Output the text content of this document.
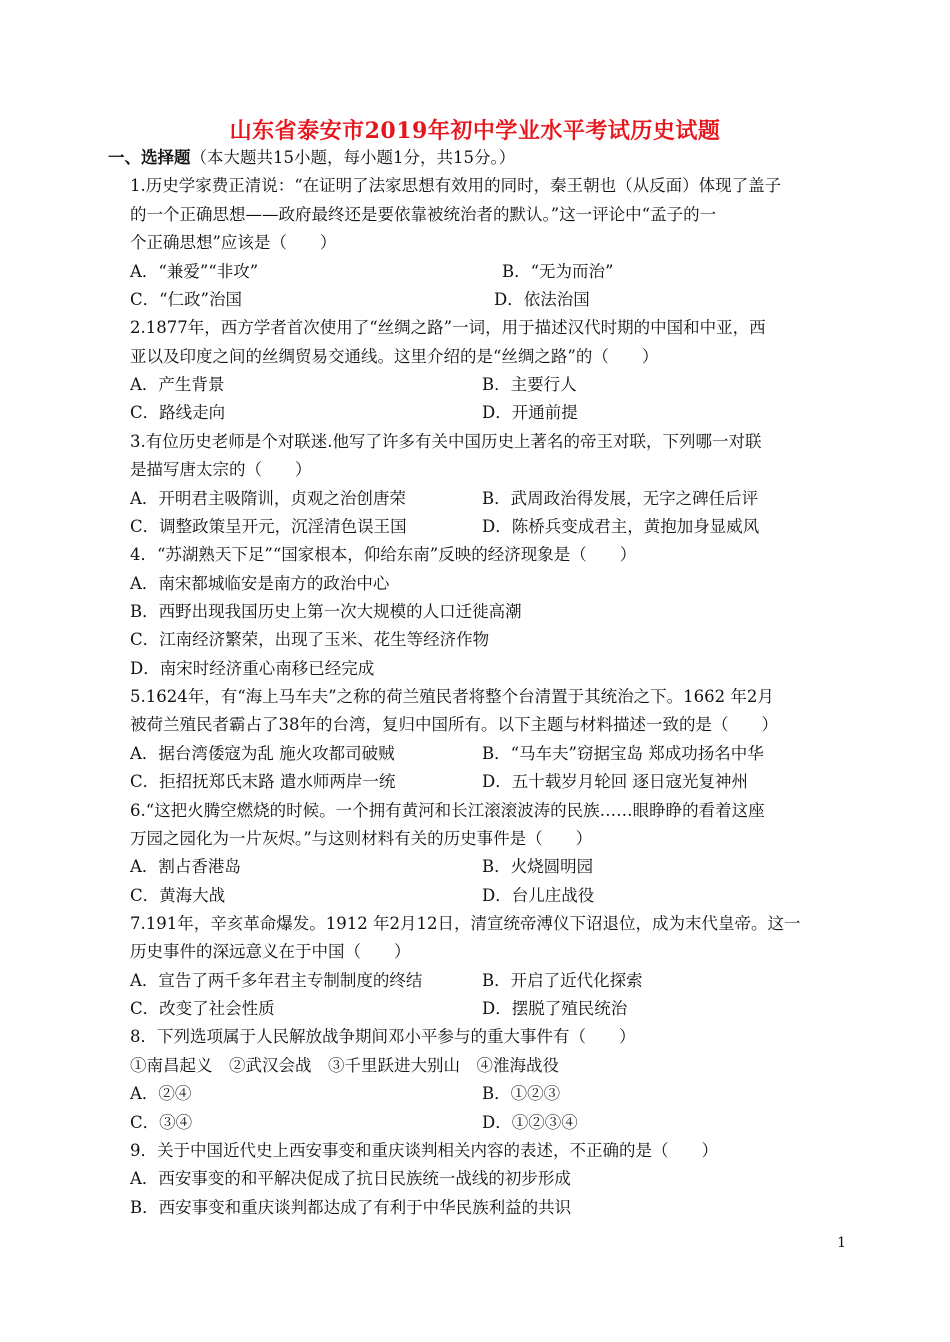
山东省泰安市2019年初中学业水平考试历史试题
一、选择题（本大题共15小题，每小题1分，共15分。）
1.历史学家费正清说：“在证明了法家思想有效用的同时，秦王朝也（从反面）体现了盖子
的一个正确思想——政府最终还是要依靠被统治者的默认。”这一评论中“孟子的一
个正确思想”应该是（　　）
A．“兼爱”“非攻”	B．“无为而治”
C．“仁政”治国	D．依法治国
2.1877年，西方学者首次使用了“丝绸之路”一词，用于描述汉代时期的中国和中亚，西
亚以及印度之间的丝绸贸易交通线。这里介绍的是“丝绸之路”的（　　）
A．产生背景	B．主要行人
C．路线走向	D．开通前提
3.有位历史老师是个对联迷.他写了许多有关中国历史上著名的帝王对联，下列哪一对联
是描写唐太宗的（　　）
A．开明君主吸隋训，贞观之治创唐荣	B．武周政治得发展，无字之碑任后评
C．调整政策呈开元，沉淫清色误王国	D．陈桥兵变成君主，黄抱加身显威风
4．“苏湖熟天下足”“国家根本，仰给东南”反映的经济现象是（　　）
A．南宋都城临安是南方的政治中心
B．西野出现我国历史上第一次大规模的人口迁徙高潮
C．江南经济繁荣，出现了玉米、花生等经济作物
D．南宋时经济重心南移已经完成
5.1624年，有“海上马车夫”之称的荷兰殖民者将整个台清置于其统治之下。1662 年2月
被荷兰殖民者霸占了38年的台湾，复归中国所有。以下主题与材料描述一致的是（　　）
A．据台湾倭寇为乱 施火攻都司破贼	B．“马车夫”窃据宝岛 郑成功扬名中华
C．拒招抚郑氏末路 遣水师两岸一统	D．五十载岁月轮回 逐日寇光复神州
6.“这把火腾空燃烧的时候。一个拥有黄河和长江滚滚波涛的民族……眼睁睁的看着这座
万园之园化为一片灰烬。”与这则材料有关的历史事件是（　　）
A．割占香港岛	B．火烧圆明园
C．黄海大战	D．台儿庄战役
7.191年，辛亥革命爆发。1912 年2月12日，清宣统帝溥仪下诏退位，成为末代皇帝。这一
历史事件的深远意义在于中国（　　）
A．宣告了两千多年君主专制制度的终结	B．开启了近代化探索
C．改变了社会性质	D．摆脱了殖民统治
8．下列选项属于人民解放战争期间邓小平参与的重大事件有（　　）
①南昌起义　②武汉会战　③千里跃进大别山　④淮海战役
A．②④	B．①②③
C．③④	D．①②③④
9．关于中国近代史上西安事变和重庆谈判相关内容的表述，不正确的是（　　）
A．西安事变的和平解决促成了抗日民族统一战线的初步形成
B．西安事变和重庆谈判都达成了有利于中华民族利益的共识
1
